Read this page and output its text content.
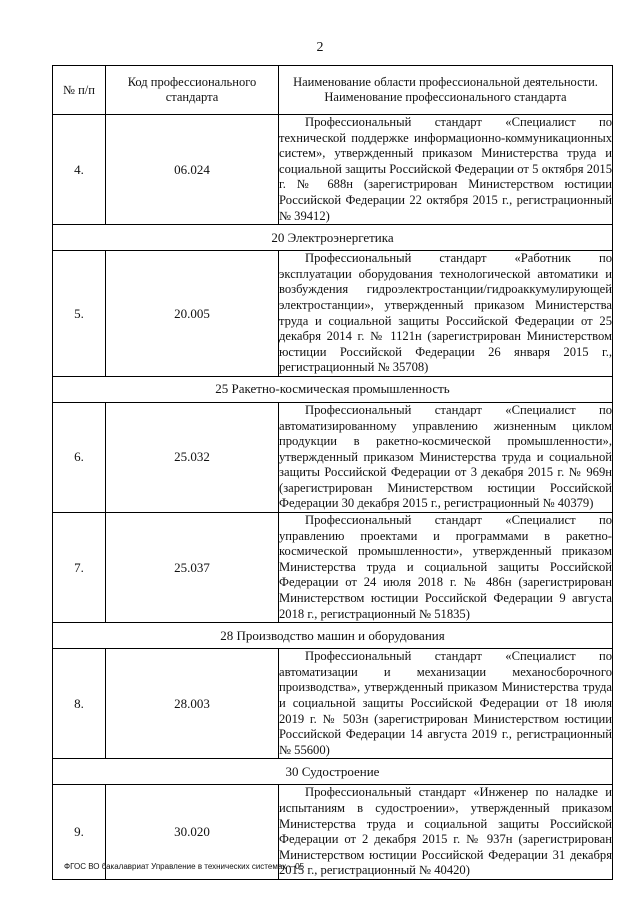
2
№ п/п	Код профессионального стандарта	Наименование области профессиональной деятельности. Наименование профессионального стандарта
4.	06.024	Профессиональный стандарт «Специалист по технической поддержке информационно-коммуникационных систем», утвержденный приказом Министерства труда и социальной защиты Российской Федерации от 5 октября 2015 г. № 688н (зарегистрирован Министерством юстиции Российской Федерации 22 октября 2015 г., регистрационный № 39412)

20 Электроэнергетика		
5.	20.005	Профессиональный стандарт «Работник по эксплуатации оборудования технологической автоматики и возбуждения гидроэлектростанции/гидроаккумулирующей электростанции», утвержденный приказом Министерства труда и социальной защиты Российской Федерации от 25 декабря 2014 г. № 1121н (зарегистрирован Министерством юстиции Российской Федерации 26 января 2015 г., регистрационный № 35708)

25 Ракетно-космическая промышленность		
6.	25.032	Профессиональный стандарт «Специалист по автоматизированному управлению жизненным циклом продукции в ракетно-космической промышленности», утвержденный приказом Министерства труда и социальной защиты Российской Федерации от 3 декабря 2015 г. № 969н (зарегистрирован Министерством юстиции Российской Федерации 30 декабря 2015 г., регистрационный № 40379)

7.	25.037	Профессиональный стандарт «Специалист по управлению проектами и программами в ракетно-космической промышленности», утвержденный приказом Министерства труда и социальной защиты Российской Федерации от 24 июля 2018 г. № 486н (зарегистрирован Министерством юстиции Российской Федерации 9 августа 2018 г., регистрационный № 51835)

28 Производство машин и оборудования		
8.	28.003	Профессиональный стандарт «Специалист по автоматизации и механизации механосборочного производства», утвержденный приказом Министерства труда и социальной защиты Российской Федерации от 18 июля 2019 г. № 503н (зарегистрирован Министерством юстиции Российской Федерации 14 августа 2019 г., регистрационный № 55600)

30 Судостроение		
9.	30.020	Профессиональный стандарт «Инженер по наладке и испытаниям в судостроении», утвержденный приказом Министерства труда и социальной защиты Российской Федерации от 2 декабря 2015 г. № 937н (зарегистрирован Министерством юстиции Российской Федерации 31 декабря 2015 г., регистрационный № 40420)

ФГОС ВО бакалавриат Управление в технических системах – 05
